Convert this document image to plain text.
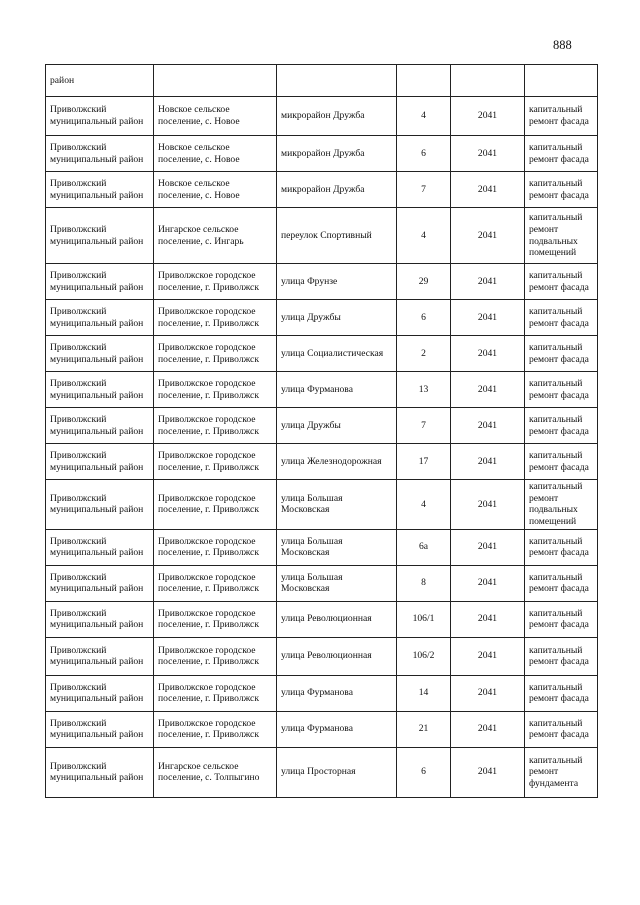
888
район					
Приволжский муниципальный район	Новское сельское поселение, с. Новое	микрорайон Дружба	4	2041	капитальный ремонт фасада
Приволжский муниципальный район	Новское сельское поселение, с. Новое	микрорайон Дружба	6	2041	капитальный ремонт фасада
Приволжский муниципальный район	Новское сельское поселение, с. Новое	микрорайон Дружба	7	2041	капитальный ремонт фасада
Приволжский муниципальный район	Ингарское сельское поселение, с. Ингарь	переулок Спортивный	4	2041	капитальный ремонт подвальных помещений
Приволжский муниципальный район	Приволжское городское поселение, г. Приволжск	улица Фрунзе	29	2041	капитальный ремонт фасада
Приволжский муниципальный район	Приволжское городское поселение, г. Приволжск	улица Дружбы	6	2041	капитальный ремонт фасада
Приволжский муниципальный район	Приволжское городское поселение, г. Приволжск	улица Социалистическая	2	2041	капитальный ремонт фасада
Приволжский муниципальный район	Приволжское городское поселение, г. Приволжск	улица Фурманова	13	2041	капитальный ремонт фасада
Приволжский муниципальный район	Приволжское городское поселение, г. Приволжск	улица Дружбы	7	2041	капитальный ремонт фасада
Приволжский муниципальный район	Приволжское городское поселение, г. Приволжск	улица Железнодорожная	17	2041	капитальный ремонт фасада
Приволжский муниципальный район	Приволжское городское поселение, г. Приволжск	улица Большая Московская	4	2041	капитальный ремонт подвальных помещений
Приволжский муниципальный район	Приволжское городское поселение, г. Приволжск	улица Большая Московская	6а	2041	капитальный ремонт фасада
Приволжский муниципальный район	Приволжское городское поселение, г. Приволжск	улица Большая Московская	8	2041	капитальный ремонт фасада
Приволжский муниципальный район	Приволжское городское поселение, г. Приволжск	улица Революционная	106/1	2041	капитальный ремонт фасада
Приволжский муниципальный район	Приволжское городское поселение, г. Приволжск	улица Революционная	106/2	2041	капитальный ремонт фасада
Приволжский муниципальный район	Приволжское городское поселение, г. Приволжск	улица Фурманова	14	2041	капитальный ремонт фасада
Приволжский муниципальный район	Приволжское городское поселение, г. Приволжск	улица Фурманова	21	2041	капитальный ремонт фасада
Приволжский муниципальный район	Ингарское сельское поселение, с. Толпыгино	улица Просторная	6	2041	капитальный ремонт фундамента
